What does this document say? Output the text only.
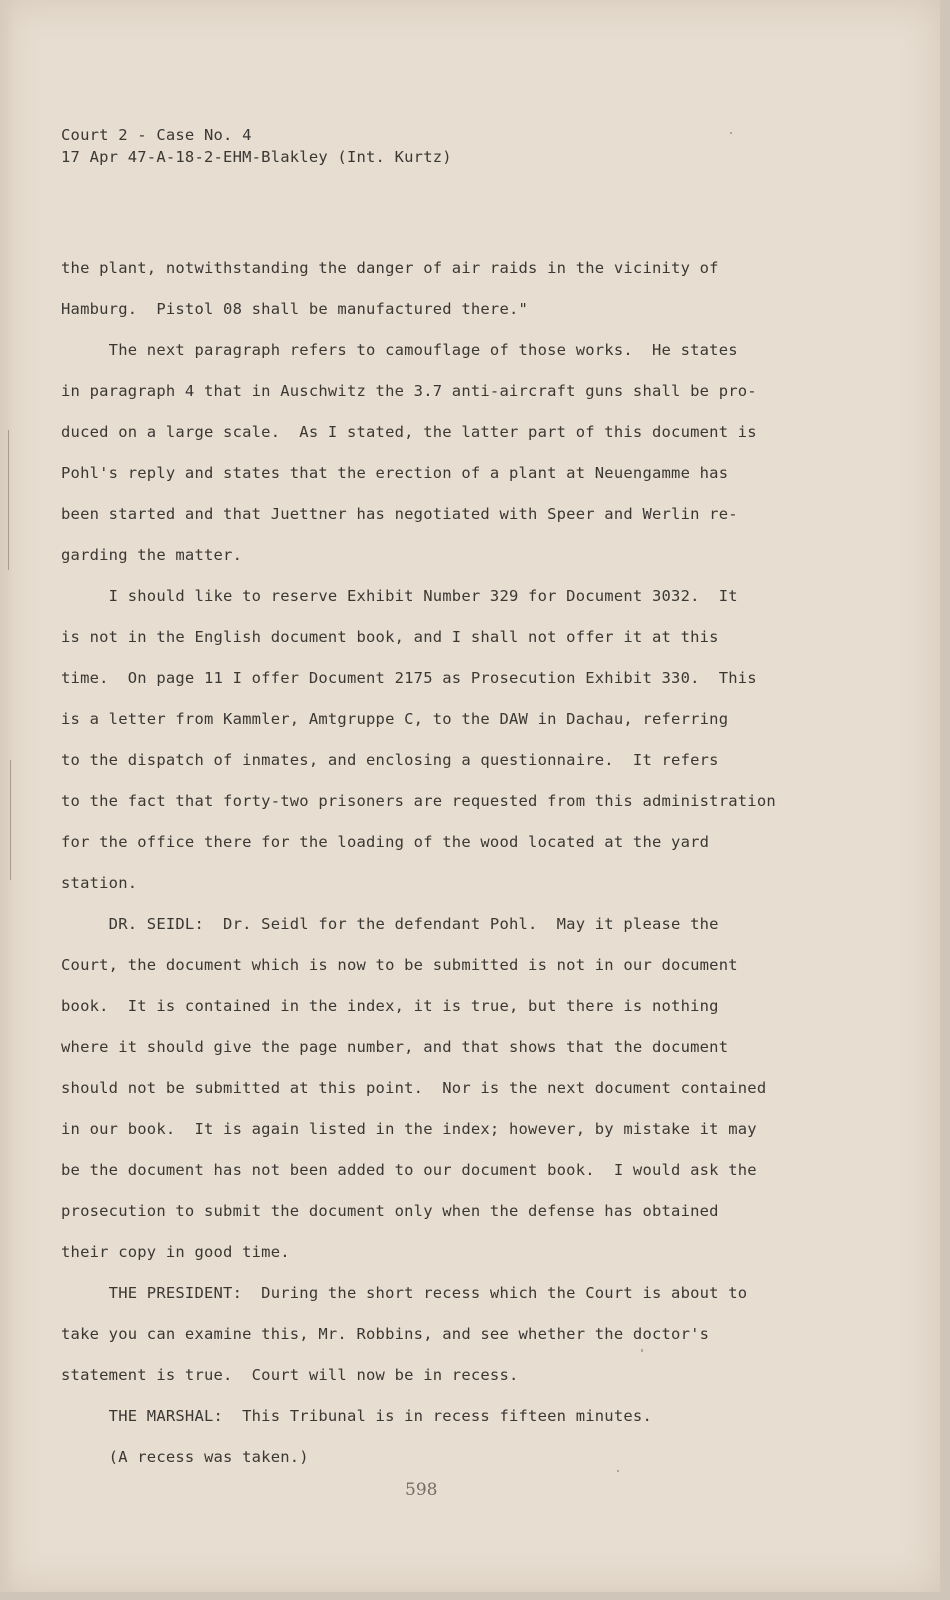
Court 2 - Case No. 4
17 Apr 47-A-18-2-EHM-Blakley (Int. Kurtz)
the plant, notwithstanding the danger of air raids in the vicinity of
Hamburg.  Pistol 08 shall be manufactured there."
The next paragraph refers to camouflage of those works.  He states
in paragraph 4 that in Auschwitz the 3.7 anti-aircraft guns shall be pro-
duced on a large scale.  As I stated, the latter part of this document is
Pohl's reply and states that the erection of a plant at Neuengamme has
been started and that Juettner has negotiated with Speer and Werlin re-
garding the matter.
I should like to reserve Exhibit Number 329 for Document 3032.  It
is not in the English document book, and I shall not offer it at this
time.  On page 11 I offer Document 2175 as Prosecution Exhibit 330.  This
is a letter from Kammler, Amtgruppe C, to the DAW in Dachau, referring
to the dispatch of inmates, and enclosing a questionnaire.  It refers
to the fact that forty-two prisoners are requested from this administration
for the office there for the loading of the wood located at the yard
station.
DR. SEIDL:  Dr. Seidl for the defendant Pohl.  May it please the
Court, the document which is now to be submitted is not in our document
book.  It is contained in the index, it is true, but there is nothing
where it should give the page number, and that shows that the document
should not be submitted at this point.  Nor is the next document contained
in our book.  It is again listed in the index; however, by mistake it may
be the document has not been added to our document book.  I would ask the
prosecution to submit the document only when the defense has obtained
their copy in good time.
THE PRESIDENT:  During the short recess which the Court is about to
take you can examine this, Mr. Robbins, and see whether the doctor's
statement is true.  Court will now be in recess.
THE MARSHAL:  This Tribunal is in recess fifteen minutes.
(A recess was taken.)
598
